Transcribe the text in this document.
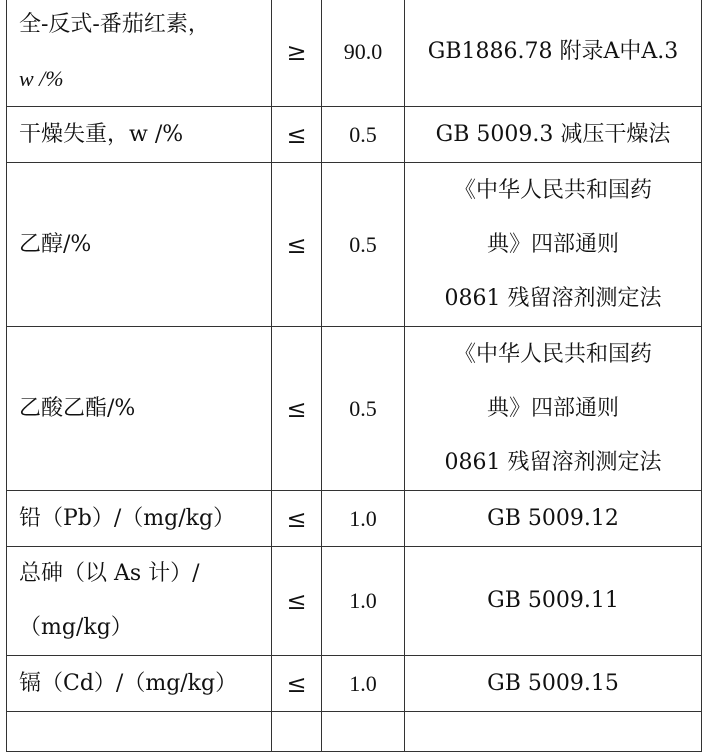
全-反式-番茄红素，
w /%	≥	90.0	GB1886.78 附录A中A.3

干燥失重，w /%	≤	0.5	GB 5009.3 减压干燥法

乙醇/%	≤	0.5	《中华人民共和国药
典》四部通则
0861 残留溶剂测定法

乙酸乙酯/%	≤	0.5	《中华人民共和国药
典》四部通则
0861 残留溶剂测定法

铅（Pb）/（mg/kg）	≤	1.0	GB 5009.12

总砷（以 As 计）/
（mg/kg）	≤	1.0	GB 5009.11

镉（Cd）/（mg/kg）	≤	1.0	GB 5009.15
